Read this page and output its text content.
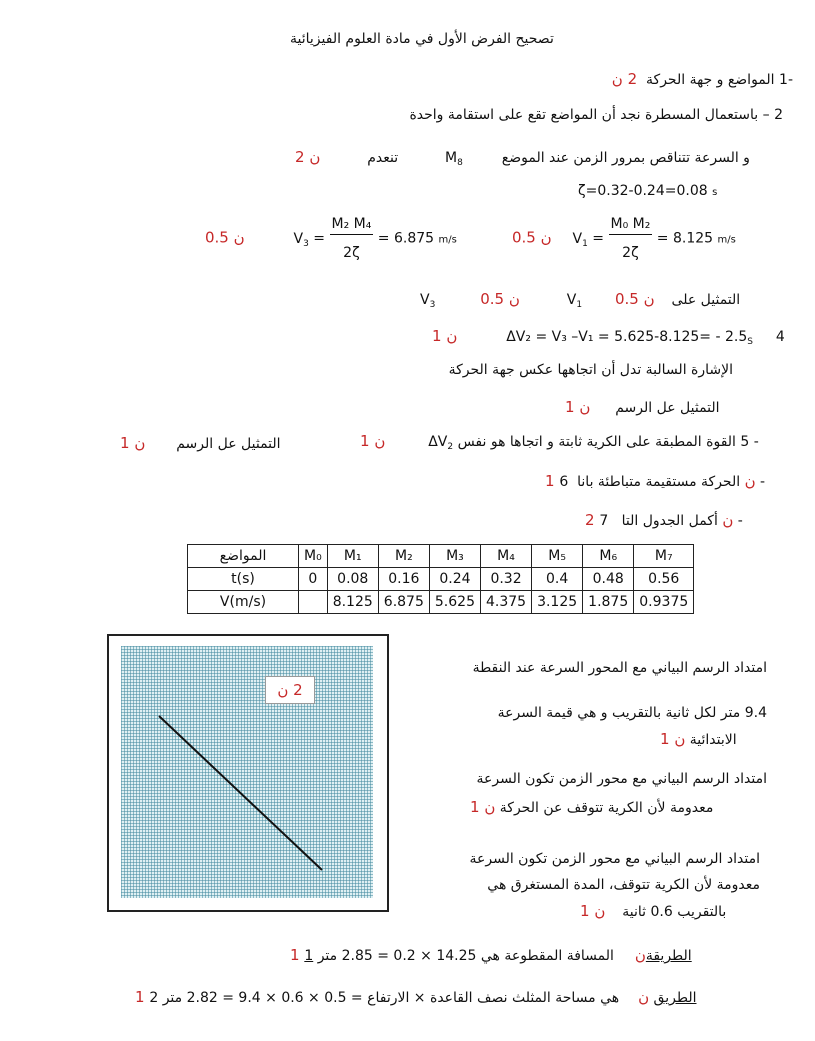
تصحيح الفرض الأول في مادة العلوم الفيزيائية
-1 المواضع و جهة الحركة  2 ن
2 – باستعمال المسطرة نجد أن المواضع تقع على استقامة واحدة
2 ن	تنعدم	$M_8$	و السرعة تتناقص بمرور الزمن عند الموضع
ζ=0.32-0.24=0.08 s
0.5 ن	$V_3 = \frac{\text{M₂ M₄}}{2\zeta} = 6.875$ m/s	0.5 ن $V_1 = \frac{\text{M₀ M₂}}{2\zeta} = 8.125$ m/s
$V_3$	0.5 ن	$V_1$ 0.5 ن التمثيل على
1 ن	ΔV₂ = V₃ $-V_1 = 5.625-8.125= - 2.5_S$ 4
الإشارة السالبة تدل أن اتجاهها عكس جهة الحركة
1 ن التمثيل عل الرسم
1 ن التمثيل عل الرسم	1 ن	$\Delta V_2$ القوة المطبقة على الكرية ثابتة و اتجاها هو نفس 5 -
1 ن الحركة مستقيمة متباطئة بانا  6 -
2 ن أكمل الجدول التا   7 -
المواضع	M₀	M₁	M₂	M₃	M₄	M₅	M₆	M₇
t(s)	0	0.08	0.16	0.24	0.32	0.4	0.48	0.56
V(m/s)		8.125	6.875	5.625	4.375	3.125	1.875	0.9375
2 ن
امتداد الرسم البياني مع المحور السرعة عند النقطة
9.4 متر لكل ثانية بالتقريب و هي قيمة السرعة
1 ن الابتدائية
امتداد الرسم البياني مع محور الزمن تكون السرعة
1 ن معدومة لأن الكرية تتوقف عن الحركة
امتداد الرسم البياني مع محور الزمن تكون السرعة
معدومة لأن الكرية تتوقف، المدة المستغرق هي
1 ن بالتقريب 0.6 ثانية
1 ن  المسافة المقطوعة هي 14.25 × 0.2 = 2.85 متر 1	الطريقة
1 ن  هي مساحة المثلث نصف القاعدة × الارتفاع = 0.5 × 0.6 × 9.4 = 2.82 متر 2	الطريق
